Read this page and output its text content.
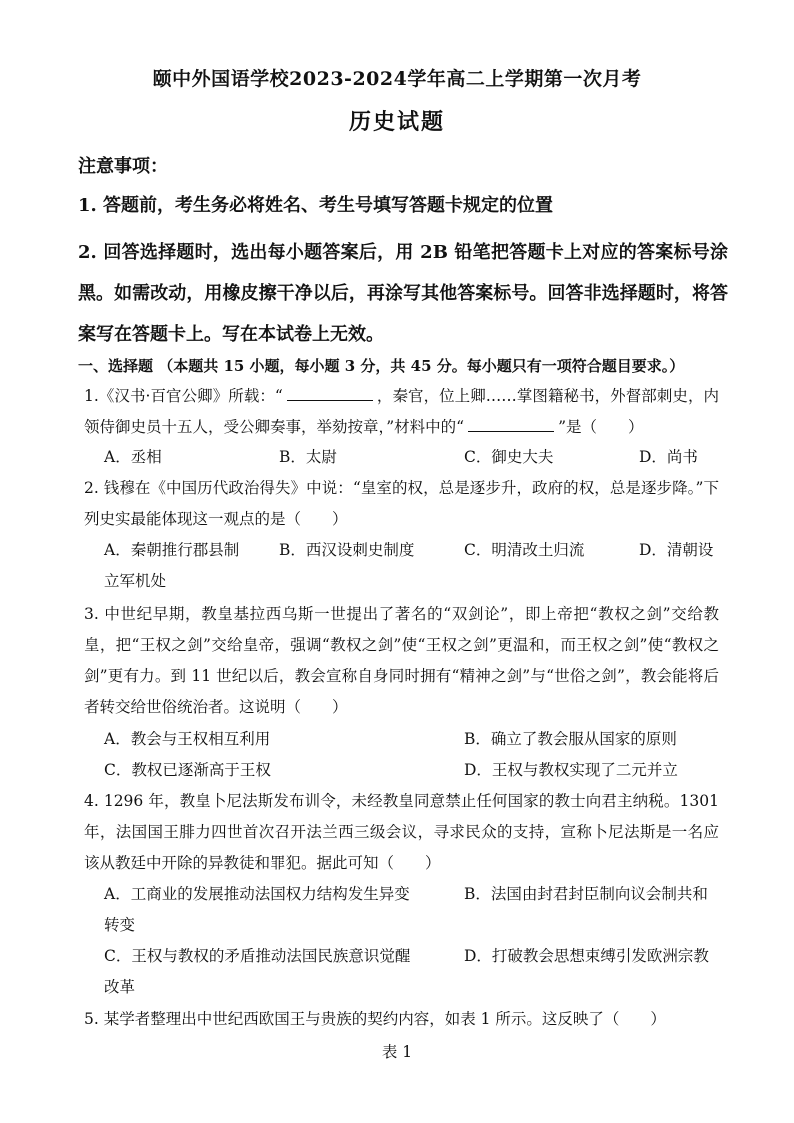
颐中外国语学校2023-2024学年高二上学期第一次月考
历史试题
注意事项：
1. 答题前，考生务必将姓名、考生号填写答题卡规定的位置
2. 回答选择题时，选出每小题答案后，用 2B 铅笔把答题卡上对应的答案标号涂黑。如需改动，用橡皮擦干净以后，再涂写其他答案标号。回答非选择题时，将答案写在答题卡上。写在本试卷上无效。
一、选择题 （本题共 15 小题，每小题 3 分，共 45 分。每小题只有一项符合题目要求。）
1.《汉书·百官公卿》所载：“	，秦官，位上卿……掌图籍秘书，外督部刺史，内领侍御史员十五人，受公卿奏事，举劾按章，”材料中的“	”是（　　）
A．丞相	B．太尉	C．御史大夫	D．尚书
2. 钱穆在《中国历代政治得失》中说：“皇室的权，总是逐步升，政府的权，总是逐步降。”下列史实最能体现这一观点的是（　　）
A．秦朝推行郡县制	B．西汉设刺史制度	C．明清改土归流	D．清朝设
立军机处
3. 中世纪早期，教皇基拉西乌斯一世提出了著名的“双剑论”，即上帝把“教权之剑”交给教皇，把“王权之剑”交给皇帝，强调“教权之剑”使“王权之剑”更温和，而王权之剑”使“教权之剑”更有力。到 11 世纪以后，教会宣称自身同时拥有“精神之剑”与“世俗之剑”，教会能将后者转交给世俗统治者。这说明（　　）
A．教会与王权相互利用	B．确立了教会服从国家的原则
C．教权已逐渐高于王权	D．王权与教权实现了二元并立
4. 1296 年，教皇卜尼法斯发布训令，未经教皇同意禁止任何国家的教士向君主纳税。1301 年，法国国王腓力四世首次召开法兰西三级会议，寻求民众的支持，宣称卜尼法斯是一名应该从教廷中开除的异教徒和罪犯。据此可知（　　）
A．工商业的发展推动法国权力结构发生异变	B．法国由封君封臣制向议会制共和
转变
C．王权与教权的矛盾推动法国民族意识觉醒	D．打破教会思想束缚引发欧洲宗教
改革
5. 某学者整理出中世纪西欧国王与贵族的契约内容，如表 1 所示。这反映了（　　）
表 1
